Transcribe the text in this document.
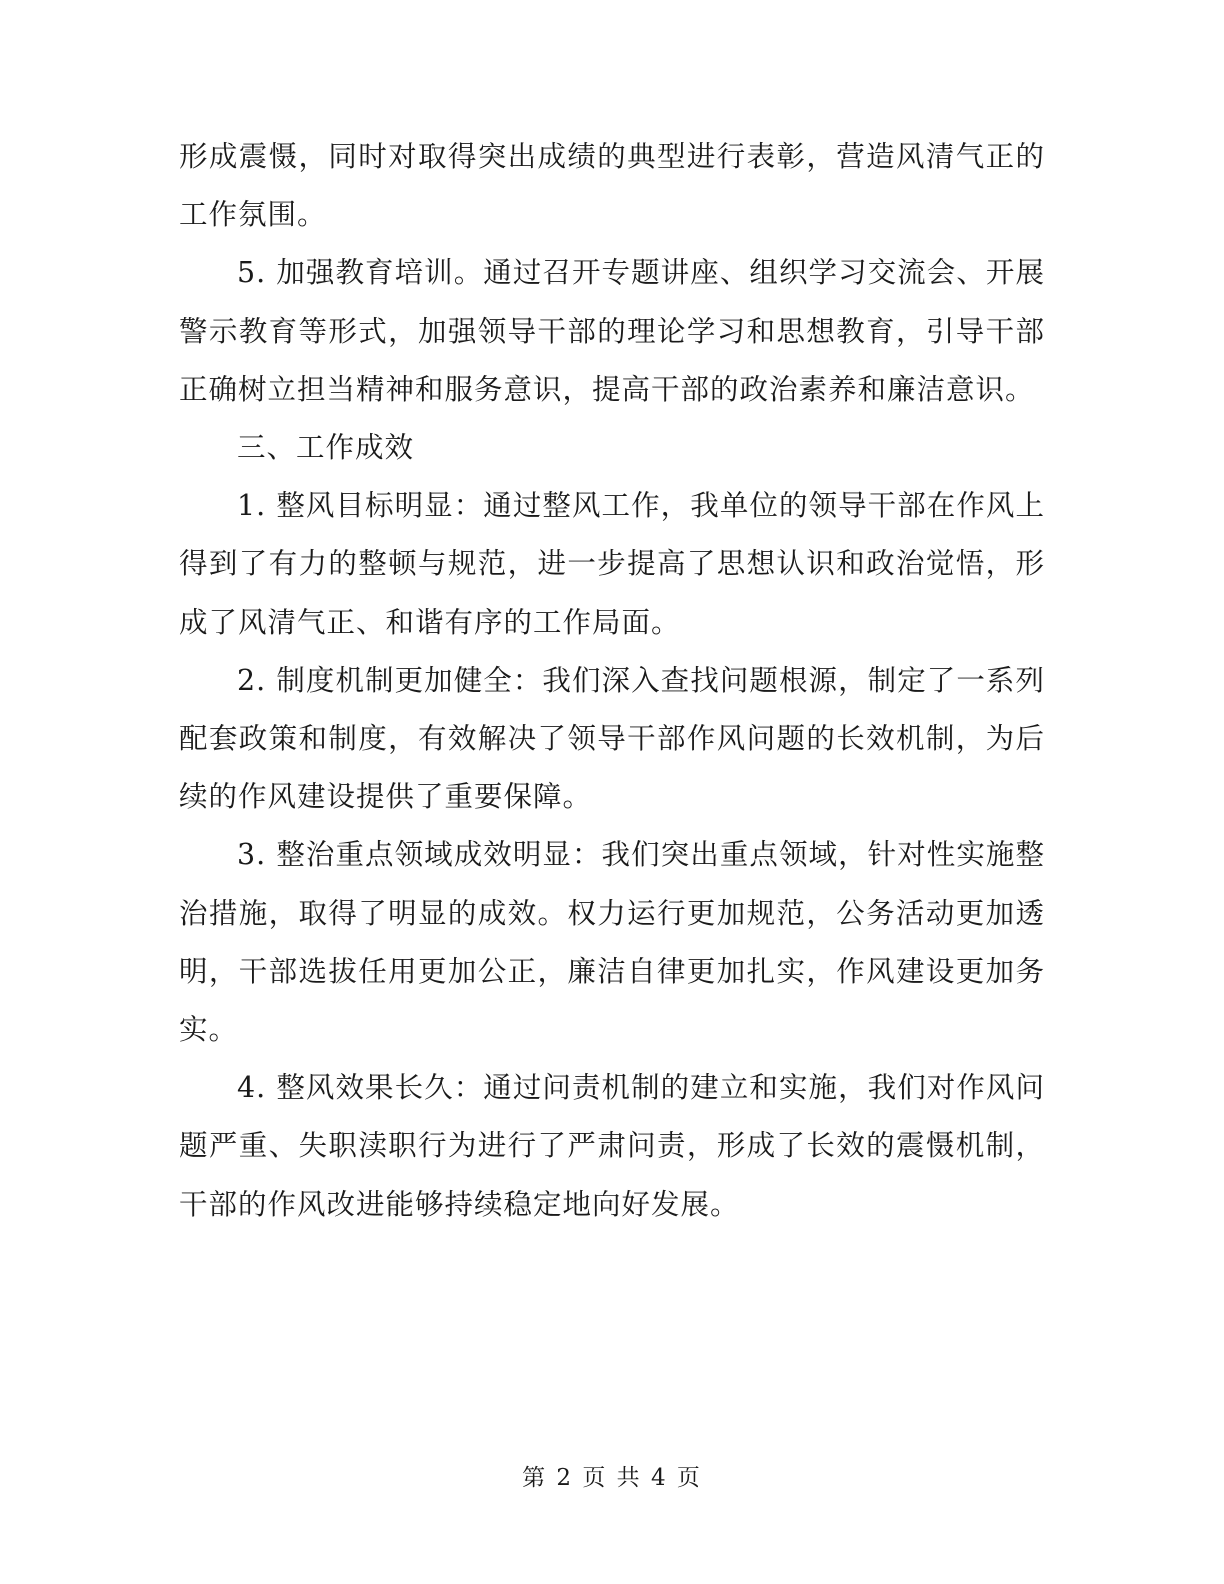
形成震慑，同时对取得突出成绩的典型进行表彰，营造风清气正的工作氛围。

5. 加强教育培训。通过召开专题讲座、组织学习交流会、开展警示教育等形式，加强领导干部的理论学习和思想教育，引导干部正确树立担当精神和服务意识，提高干部的政治素养和廉洁意识。

三、工作成效

1. 整风目标明显：通过整风工作，我单位的领导干部在作风上得到了有力的整顿与规范，进一步提高了思想认识和政治觉悟，形成了风清气正、和谐有序的工作局面。

2. 制度机制更加健全：我们深入查找问题根源，制定了一系列配套政策和制度，有效解决了领导干部作风问题的长效机制，为后续的作风建设提供了重要保障。

3. 整治重点领域成效明显：我们突出重点领域，针对性实施整治措施，取得了明显的成效。权力运行更加规范，公务活动更加透明，干部选拔任用更加公正，廉洁自律更加扎实，作风建设更加务实。

4. 整风效果长久：通过问责机制的建立和实施，我们对作风问题严重、失职渎职行为进行了严肃问责，形成了长效的震慑机制，干部的作风改进能够持续稳定地向好发展。

第 2 页 共 4 页
